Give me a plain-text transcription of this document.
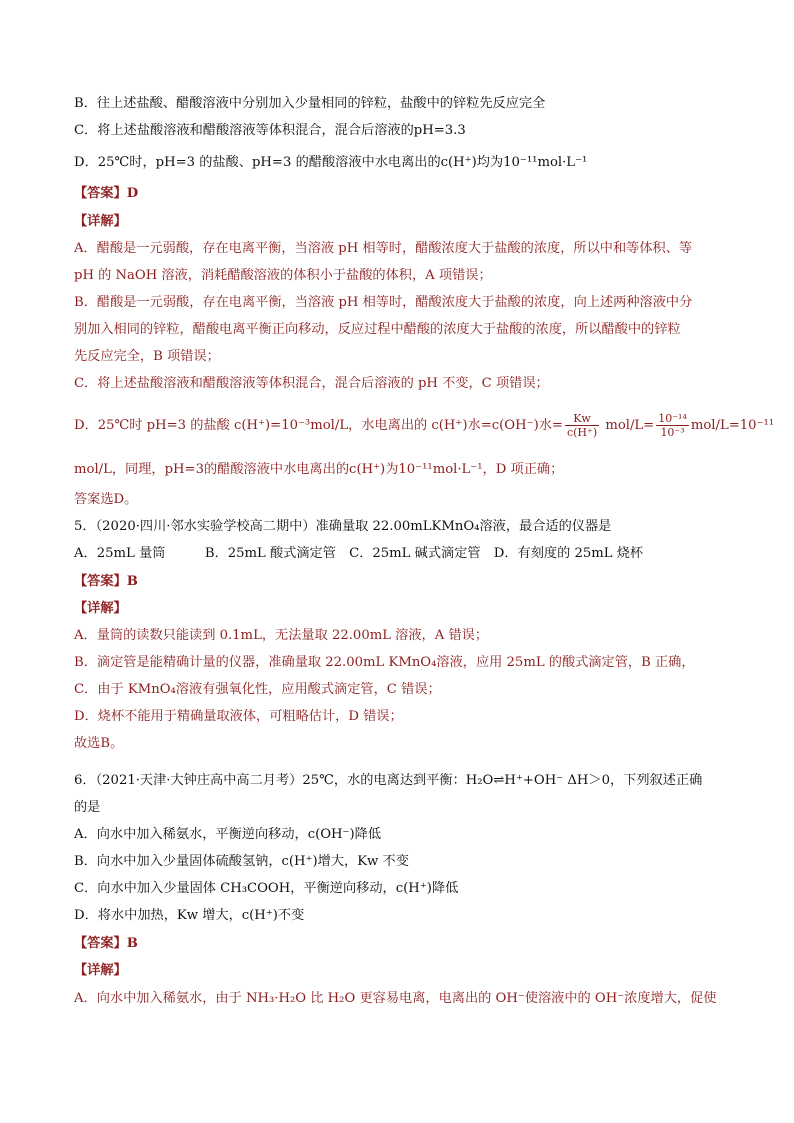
B．往上述盐酸、醋酸溶液中分别加入少量相同的锌粒，盐酸中的锌粒先反应完全
C．将上述盐酸溶液和醋酸溶液等体积混合，混合后溶液的pH=3.3
D．25℃时，pH=3 的盐酸、pH=3 的醋酸溶液中水电离出的c(H⁺)均为10⁻¹¹mol·L⁻¹
【答案】D
【详解】
A．醋酸是一元弱酸，存在电离平衡，当溶液 pH 相等时，醋酸浓度大于盐酸的浓度，所以中和等体积、等
pH 的 NaOH 溶液，消耗醋酸溶液的体积小于盐酸的体积，A 项错误；
B．醋酸是一元弱酸，存在电离平衡，当溶液 pH 相等时，醋酸浓度大于盐酸的浓度，向上述两种溶液中分
别加入相同的锌粒，醋酸电离平衡正向移动，反应过程中醋酸的浓度大于盐酸的浓度，所以醋酸中的锌粒
先反应完全，B 项错误；
C．将上述盐酸溶液和醋酸溶液等体积混合，混合后溶液的 pH 不变，C 项错误；
D．25℃时 pH=3 的盐酸 c(H⁺)=10⁻³mol/L，水电离出的 c(H⁺)水=c(OH⁻)水= $\frac{Kw}{c(H^+)} mol/L= \frac{\text{10⁻¹⁴}}{\text{10⁻³}} mol/L=10^{-11}$
mol/L，同理，pH=3的醋酸溶液中水电离出的c(H⁺)为10⁻¹¹mol·L⁻¹，D 项正确；
答案选D。
5．（2020·四川·邻水实验学校高二期中）准确量取 22.00mLKMnO₄溶液，最合适的仪器是
A．25mL 量筒　　　B．25mL 酸式滴定管　C．25mL 碱式滴定管　D．有刻度的 25mL 烧杯
【答案】B
【详解】
A．量筒的读数只能读到 0.1mL，无法量取 22.00mL 溶液，A 错误；
B．滴定管是能精确计量的仪器，准确量取 22.00mL KMnO₄溶液，应用 25mL 的酸式滴定管，B 正确，
C．由于 KMnO₄溶液有强氧化性，应用酸式滴定管，C 错误；
D．烧杯不能用于精确量取液体，可粗略估计，D 错误；
故选B。
6．（2021·天津·大钟庄高中高二月考）25℃，水的电离达到平衡：H₂O⇌H⁺+OH⁻ ΔH＞0，下列叙述正确
的是
A．向水中加入稀氨水，平衡逆向移动，c(OH⁻)降低
B．向水中加入少量固体硫酸氢钠，c(H⁺)增大，Kw 不变
C．向水中加入少量固体 CH₃COOH，平衡逆向移动，c(H⁺)降低
D．将水中加热，Kw 增大，c(H⁺)不变
【答案】B
【详解】
A．向水中加入稀氨水，由于 NH₃·H₂O 比 H₂O 更容易电离，电离出的 OH⁻使溶液中的 OH⁻浓度增大，促使
